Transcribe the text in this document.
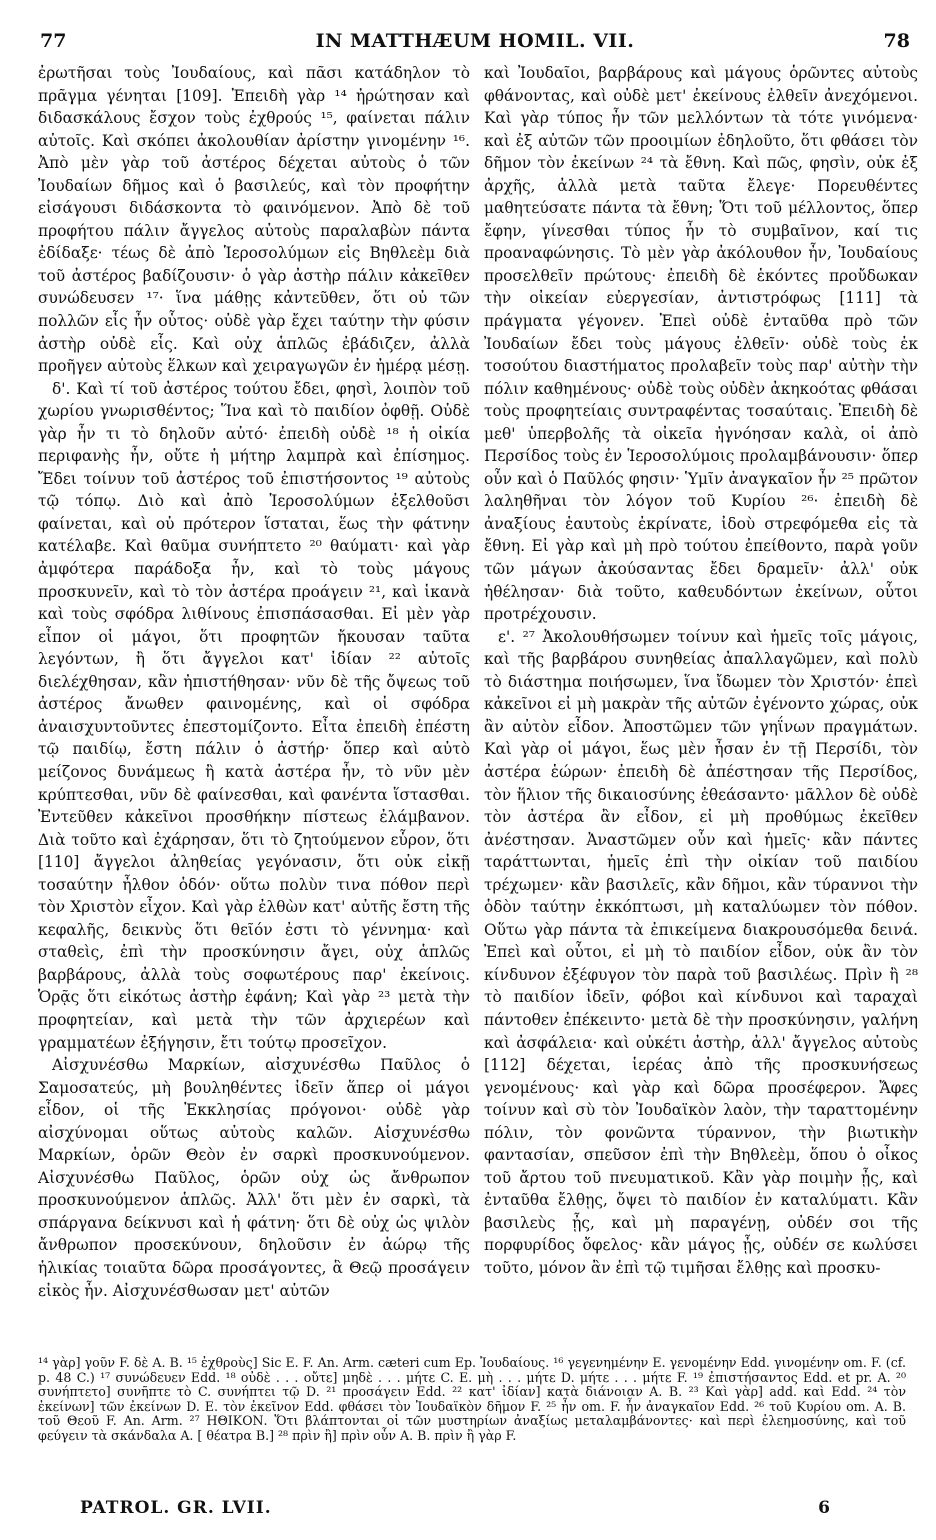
IN MATTHÆUM HOMIL. VII.
77	78

ἐρωτῆσαι τοὺς Ἰουδαίους, καὶ πᾶσι κατάδηλον τὸ πρᾶγμα γένηται [109]. Ἐπειδὴ γὰρ ¹⁴ ἠρώτησαν καὶ διδασκάλους ἔσχον τοὺς ἐχθρούς ¹⁵, φαίνεται πάλιν αὐτοῖς. Καὶ σκόπει ἀκολουθίαν ἀρίστην γινομένην ¹⁶. Ἀπὸ μὲν γὰρ τοῦ ἀστέρος δέχεται αὐτοὺς ὁ τῶν Ἰουδαίων δῆμος καὶ ὁ βασιλεύς, καὶ τὸν προφήτην εἰσάγουσι διδάσκοντα τὸ φαινόμενον. Ἀπὸ δὲ τοῦ προφήτου πάλιν ἄγγελος αὐτοὺς παραλαβὼν πάντα ἐδίδαξε· τέως δὲ ἀπὸ Ἱεροσολύμων εἰς Βηθλεὲμ διὰ τοῦ ἀστέρος βαδίζουσιν· ὁ γὰρ ἀστὴρ πάλιν κἀκεῖθεν συνώδευσεν ¹⁷· ἵνα μάθῃς κἀντεῦθεν, ὅτι οὐ τῶν πολλῶν εἷς ἦν οὗτος· οὐδὲ γὰρ ἔχει ταύτην τὴν φύσιν ἀστὴρ οὐδὲ εἷς. Καὶ οὐχ ἁπλῶς ἐβάδιζεν, ἀλλὰ προῆγεν αὐτοὺς ἕλκων καὶ χειραγωγῶν ἐν ἡμέρᾳ μέσῃ.

δ'. Καὶ τί τοῦ ἀστέρος τούτου ἔδει, φησὶ, λοιπὸν τοῦ χωρίου γνωρισθέντος; Ἵνα καὶ τὸ παιδίον ὀφθῇ. Οὐδὲ γὰρ ἦν τι τὸ δηλοῦν αὐτό· ἐπειδὴ οὐδὲ ¹⁸ ἡ οἰκία περιφανὴς ἦν, οὔτε ἡ μήτηρ λαμπρὰ καὶ ἐπίσημος. Ἔδει τοίνυν τοῦ ἀστέρος τοῦ ἐπιστήσοντος ¹⁹ αὐτοὺς τῷ τόπῳ. Διὸ καὶ ἀπὸ Ἱεροσολύμων ἐξελθοῦσι φαίνεται, καὶ οὐ πρότερον ἵσταται, ἕως τὴν φάτνην κατέλαβε. Καὶ θαῦμα συνήπτετο ²⁰ θαύματι· καὶ γὰρ ἀμφότερα παράδοξα ἦν, καὶ τὸ τοὺς μάγους προσκυνεῖν, καὶ τὸ τὸν ἀστέρα προάγειν ²¹, καὶ ἱκανὰ καὶ τοὺς σφόδρα λιθίνους ἐπισπάσασθαι. Εἰ μὲν γὰρ εἶπον οἱ μάγοι, ὅτι προφητῶν ἤκουσαν ταῦτα λεγόντων, ἢ ὅτι ἄγγελοι κατ' ἰδίαν ²² αὐτοῖς διελέχθησαν, κἂν ἠπιστήθησαν· νῦν δὲ τῆς ὄψεως τοῦ ἀστέρος ἄνωθεν φαινομένης, καὶ οἱ σφόδρα ἀναισχυντοῦντες ἐπεστομίζοντο. Εἶτα ἐπειδὴ ἐπέστη τῷ παιδίῳ, ἔστη πάλιν ὁ ἀστήρ· ὅπερ καὶ αὐτὸ μείζονος δυνάμεως ἢ κατὰ ἀστέρα ἦν, τὸ νῦν μὲν κρύπτεσθαι, νῦν δὲ φαίνεσθαι, καὶ φανέντα ἵστασθαι. Ἐντεῦθεν κἀκεῖνοι προσθήκην πίστεως ἐλάμβανον. Διὰ τοῦτο καὶ ἐχάρησαν, ὅτι τὸ ζητούμενον εὗρον, ὅτι [110] ἄγγελοι ἀληθείας γεγόνασιν, ὅτι οὐκ εἰκῇ τοσαύτην ἦλθον ὁδόν· οὕτω πολὺν τινα πόθον περὶ τὸν Χριστὸν εἶχον. Καὶ γὰρ ἐλθὼν κατ' αὐτῆς ἔστη τῆς κεφαλῆς, δεικνὺς ὅτι θεῖόν ἐστι τὸ γέννημα· καὶ σταθεὶς, ἐπὶ τὴν προσκύνησιν ἄγει, οὐχ ἁπλῶς βαρβάρους, ἀλλὰ τοὺς σοφωτέρους παρ' ἐκείνοις. Ὁρᾷς ὅτι εἰκότως ἀστὴρ ἐφάνη; Καὶ γὰρ ²³ μετὰ τὴν προφητείαν, καὶ μετὰ τὴν τῶν ἀρχιερέων καὶ γραμματέων ἐξήγησιν, ἔτι τούτῳ προσεῖχον.

Αἰσχυνέσθω Μαρκίων, αἰσχυνέσθω Παῦλος ὁ Σαμοσατεύς, μὴ βουληθέντες ἰδεῖν ἅπερ οἱ μάγοι εἶδον, οἱ τῆς Ἐκκλησίας πρόγονοι· οὐδὲ γὰρ αἰσχύνομαι οὕτως αὐτοὺς καλῶν. Αἰσχυνέσθω Μαρκίων, ὁρῶν Θεὸν ἐν σαρκὶ προσκυνούμενον. Αἰσχυνέσθω Παῦλος, ὁρῶν οὐχ ὡς ἄνθρωπον προσκυνούμενον ἁπλῶς. Ἀλλ' ὅτι μὲν ἐν σαρκὶ, τὰ σπάργανα δείκνυσι καὶ ἡ φάτνη· ὅτι δὲ οὐχ ὡς ψιλὸν ἄνθρωπον προσεκύνουν, δηλοῦσιν ἐν ἀώρῳ τῆς ἡλικίας τοιαῦτα δῶρα προσάγοντες, ἃ Θεῷ προσάγειν εἰκὸς ἦν. Αἰσχυνέσθωσαν μετ' αὐτῶν

καὶ Ἰουδαῖοι, βαρβάρους καὶ μάγους ὁρῶντες αὐτοὺς φθάνοντας, καὶ οὐδὲ μετ' ἐκείνους ἐλθεῖν ἀνεχόμενοι. Καὶ γὰρ τύπος ἦν τῶν μελλόντων τὰ τότε γινόμενα· καὶ ἐξ αὐτῶν τῶν προοιμίων ἐδηλοῦτο, ὅτι φθάσει τὸν δῆμον τὸν ἐκείνων ²⁴ τὰ ἔθνη. Καὶ πῶς, φησὶν, οὐκ ἐξ ἀρχῆς, ἀλλὰ μετὰ ταῦτα ἔλεγε· Πορευθέντες μαθητεύσατε πάντα τὰ ἔθνη; Ὅτι τοῦ μέλλοντος, ὅπερ ἔφην, γίνεσθαι τύπος ἦν τὸ συμβαῖνον, καί τις προαναφώνησις. Τὸ μὲν γὰρ ἀκόλουθον ἦν, Ἰουδαίους προσελθεῖν πρώτους· ἐπειδὴ δὲ ἑκόντες προὔδωκαν τὴν οἰκείαν εὐεργεσίαν, ἀντιστρόφως [111] τὰ πράγματα γέγονεν. Ἐπεὶ οὐδὲ ἐνταῦθα πρὸ τῶν Ἰουδαίων ἔδει τοὺς μάγους ἐλθεῖν· οὐδὲ τοὺς ἐκ τοσούτου διαστήματος προλαβεῖν τοὺς παρ' αὐτὴν τὴν πόλιν καθημένους· οὐδὲ τοὺς οὐδὲν ἀκηκοότας φθάσαι τοὺς προφητείαις συντραφέντας τοσαύταις. Ἐπειδὴ δὲ μεθ' ὑπερβολῆς τὰ οἰκεῖα ἠγνόησαν καλὰ, οἱ ἀπὸ Περσίδος τοὺς ἐν Ἱεροσολύμοις προλαμβάνουσιν· ὅπερ οὖν καὶ ὁ Παῦλός φησιν· Ὑμῖν ἀναγκαῖον ἦν ²⁵ πρῶτον λαληθῆναι τὸν λόγον τοῦ Κυρίου ²⁶· ἐπειδὴ δὲ ἀναξίους ἑαυτοὺς ἐκρίνατε, ἰδοὺ στρεφόμεθα εἰς τὰ ἔθνη. Εἰ γὰρ καὶ μὴ πρὸ τούτου ἐπείθοντο, παρὰ γοῦν τῶν μάγων ἀκούσαντας ἔδει δραμεῖν· ἀλλ' οὐκ ἠθέλησαν· διὰ τοῦτο, καθευδόντων ἐκείνων, οὗτοι προτρέχουσιν.

ε'. ²⁷ Ἀκολουθήσωμεν τοίνυν καὶ ἡμεῖς τοῖς μάγοις, καὶ τῆς βαρβάρου συνηθείας ἀπαλλαγῶμεν, καὶ πολὺ τὸ διάστημα ποιήσωμεν, ἵνα ἴδωμεν τὸν Χριστόν· ἐπεὶ κἀκεῖνοι εἰ μὴ μακρὰν τῆς αὐτῶν ἐγένοντο χώρας, οὐκ ἂν αὐτὸν εἶδον. Ἀποστῶμεν τῶν γηΐνων πραγμάτων. Καὶ γὰρ οἱ μάγοι, ἕως μὲν ἦσαν ἐν τῇ Περσίδι, τὸν ἀστέρα ἑώρων· ἐπειδὴ δὲ ἀπέστησαν τῆς Περσίδος, τὸν ἥλιον τῆς δικαιοσύνης ἐθεάσαντο· μᾶλλον δὲ οὐδὲ τὸν ἀστέρα ἂν εἶδον, εἰ μὴ προθύμως ἐκεῖθεν ἀνέστησαν. Ἀναστῶμεν οὖν καὶ ἡμεῖς· κἂν πάντες ταράττωνται, ἡμεῖς ἐπὶ τὴν οἰκίαν τοῦ παιδίου τρέχωμεν· κἂν βασιλεῖς, κἂν δῆμοι, κἂν τύραννοι τὴν ὁδὸν ταύτην ἐκκόπτωσι, μὴ καταλύωμεν τὸν πόθον. Οὕτω γὰρ πάντα τὰ ἐπικείμενα διακρουσόμεθα δεινά. Ἐπεὶ καὶ οὗτοι, εἰ μὴ τὸ παιδίον εἶδον, οὐκ ἂν τὸν κίνδυνον ἐξέφυγον τὸν παρὰ τοῦ βασιλέως. Πρὶν ἢ ²⁸ τὸ παιδίον ἰδεῖν, φόβοι καὶ κίνδυνοι καὶ ταραχαὶ πάντοθεν ἐπέκειντο· μετὰ δὲ τὴν προσκύνησιν, γαλήνη καὶ ἀσφάλεια· καὶ οὐκέτι ἀστὴρ, ἀλλ' ἄγγελος αὐτοὺς [112] δέχεται, ἱερέας ἀπὸ τῆς προσκυνήσεως γενομένους· καὶ γὰρ καὶ δῶρα προσέφερον. Ἄφες τοίνυν καὶ σὺ τὸν Ἰουδαϊκὸν λαὸν, τὴν ταραττομένην πόλιν, τὸν φονῶντα τύραννον, τὴν βιωτικὴν φαντασίαν, σπεῦσον ἐπὶ τὴν Βηθλεὲμ, ὅπου ὁ οἶκος τοῦ ἄρτου τοῦ πνευματικοῦ. Κἂν γὰρ ποιμὴν ᾖς, καὶ ἐνταῦθα ἔλθῃς, ὄψει τὸ παιδίον ἐν καταλύματι. Κἂν βασιλεὺς ᾖς, καὶ μὴ παραγένῃ, οὐδέν σοι τῆς πορφυρίδος ὄφελος· κἂν μάγος ᾖς, οὐδέν σε κωλύσει τοῦτο, μόνον ἂν ἐπὶ τῷ τιμῆσαι ἔλθῃς καὶ προσκυ-

¹⁴ γὰρ] γοῦν F. δὲ A. B. ¹⁵ ἐχθροὺς] Sic E. F. An. Arm. cæteri cum Ep. Ἰουδαίους. ¹⁶ γεγενημένην E. γενομένην Edd. γινομένην om. F. (cf. p. 48 C.) ¹⁷ συνώδευεν Edd. ¹⁸ οὐδὲ . . . οὔτε] μηδὲ . . . μήτε C. E. μὴ . . . μήτε D. μήτε . . . μήτε F. ¹⁹ ἐπιστήσαντος Edd. et pr. A. ²⁰ συνήπτετο] συνῆπτε τὸ C. συνήπτει τῷ D. ²¹ προσάγειν Edd. ²² κατ' ἰδίαν] κατὰ διάνοιαν A. B. ²³ Καὶ γὰρ] add. καὶ Edd. ²⁴ τὸν ἐκείνων] τῶν ἐκείνων D. E. τὸν ἐκεῖνον Edd. φθάσει τὸν Ἰουδαϊκὸν δῆμον F. ²⁵ ἦν om. F. ἦν ἀναγκαῖον Edd. ²⁶ τοῦ Κυρίου om. A. B. τοῦ Θεοῦ F. An. Arm. ²⁷ ΗΘΙΚΟΝ. Ὅτι βλάπτονται οἱ τῶν μυστηρίων ἀναξίως μεταλαμβάνοντες· καὶ περὶ ἐλεημοσύνης, καὶ τοῦ φεύγειν τὰ σκάνδαλα A. [ θέατρα B.] ²⁸ πρὶν ἢ] πρὶν οὖν A. B. πρὶν ἢ γὰρ F.

PATROL. GR. LVII.	6
